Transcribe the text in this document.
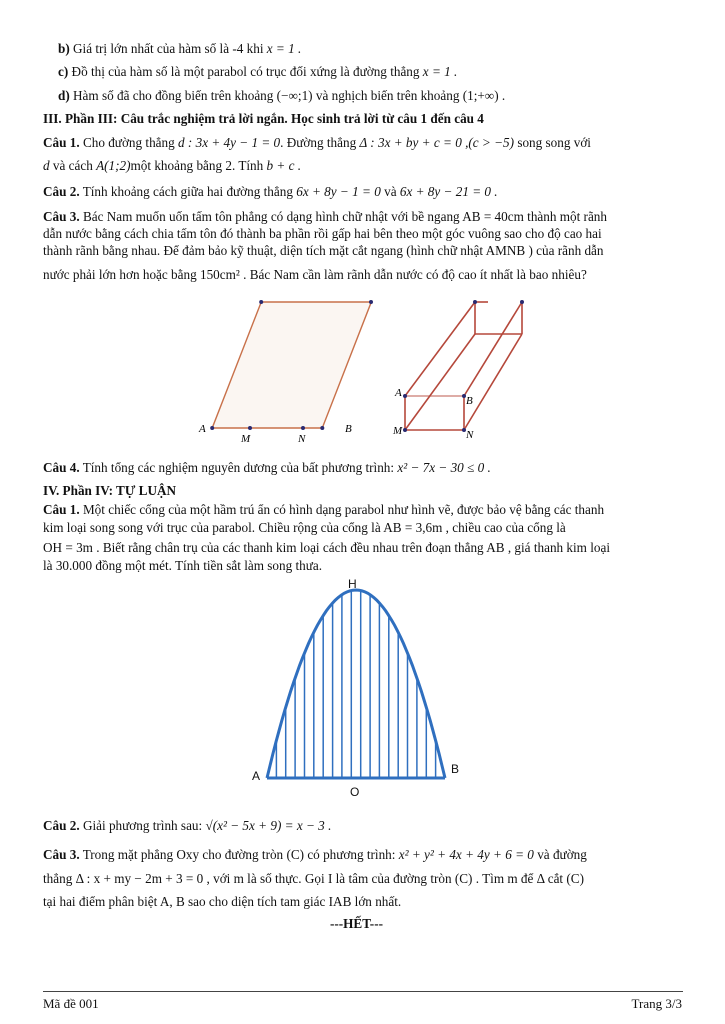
b) Giá trị lớn nhất của hàm số là -4 khi x = 1 .
c) Đồ thị của hàm số là một parabol có trục đối xứng là đường thẳng x = 1 .
d) Hàm số đã cho đồng biến trên khoảng (−∞;1) và nghịch biến trên khoảng (1;+∞) .
III. Phần III: Câu trắc nghiệm trả lời ngắn. Học sinh trả lời từ câu 1 đến câu 4
Câu 1. Cho đường thẳng d : 3x + 4y − 1 = 0. Đường thẳng Δ : 3x + by + c = 0 ,(c > −5) song song với
d và cách A(1;2)một khoảng bằng 2. Tính b + c .
Câu 2. Tính khoảng cách giữa hai đường thẳng 6x + 8y − 1 = 0 và 6x + 8y − 21 = 0 .
Câu 3. Bác Nam muốn uốn tấm tôn phẳng có dạng hình chữ nhật với bề ngang AB = 40cm thành một rãnh
dẫn nước bằng cách chia tấm tôn đó thành ba phần rồi gấp hai bên theo một góc vuông sao cho độ cao hai
thành rãnh bằng nhau. Để đảm bảo kỹ thuật, diện tích mặt cắt ngang (hình chữ nhật AMNB ) của rãnh dẫn
nước phải lớn hơn hoặc bằng 150cm² . Bác Nam cần làm rãnh dẫn nước có độ cao ít nhất là bao nhiêu?
A
M	N
B
A
B
M	N
Câu 4. Tính tổng các nghiệm nguyên dương của bất phương trình: x² − 7x − 30 ≤ 0 .
IV. Phần IV: TỰ LUẬN
Câu 1. Một chiếc cổng của một hầm trú ẩn có hình dạng parabol như hình vẽ, được bảo vệ bằng các thanh
kim loại song song với trục của parabol. Chiều rộng của cổng là AB = 3,6m , chiều cao của cổng là
OH = 3m . Biết rằng chân trụ của các thanh kim loại cách đều nhau trên đoạn thẳng AB , giá thanh kim loại
là 30.000 đồng một mét. Tính tiền sắt làm song thưa.
H
A
O
B
Câu 2. Giải phương trình sau: √(x² − 5x + 9) = x − 3 .
Câu 3. Trong mặt phẳng Oxy cho đường tròn (C) có phương trình: x² + y² + 4x + 4y + 6 = 0 và đường
thẳng Δ : x + my − 2m + 3 = 0 , với m là số thực. Gọi I là tâm của đường tròn (C) . Tìm m để Δ cắt (C)
tại hai điểm phân biệt A, B sao cho diện tích tam giác IAB lớn nhất.
---HẾT---
Mã đề 001	Trang 3/3
